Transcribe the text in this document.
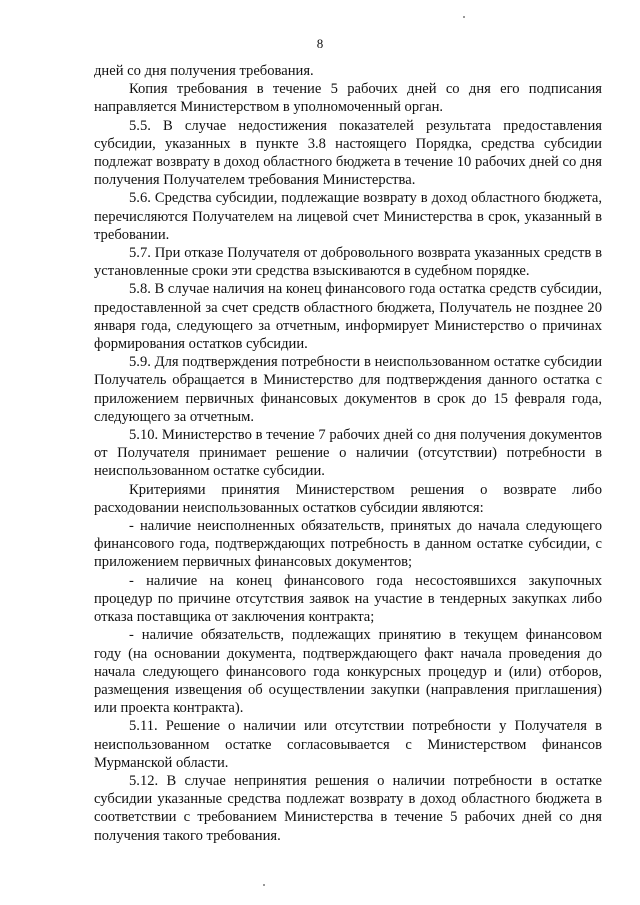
8

дней со дня получения требования.

Копия требования в течение 5 рабочих дней со дня его подписания направляется Министерством в уполномоченный орган.

5.5. В случае недостижения показателей результата предоставления субсидии, указанных в пункте 3.8 настоящего Порядка, средства субсидии подлежат возврату в доход областного бюджета в течение 10 рабочих дней со дня получения Получателем требования Министерства.

5.6. Средства субсидии, подлежащие возврату в доход областного бюджета, перечисляются Получателем на лицевой счет Министерства в срок, указанный в требовании.

5.7. При отказе Получателя от добровольного возврата указанных средств в установленные сроки эти средства взыскиваются в судебном порядке.

5.8. В случае наличия на конец финансового года остатка средств субсидии, предоставленной за счет средств областного бюджета, Получатель не позднее 20 января года, следующего за отчетным, информирует Министерство о причинах формирования остатков субсидии.

5.9. Для подтверждения потребности в неиспользованном остатке субсидии Получатель обращается в Министерство для подтверждения данного остатка с приложением первичных финансовых документов в срок до 15 февраля года, следующего за отчетным.

5.10. Министерство в течение 7 рабочих дней со дня получения документов от Получателя принимает решение о наличии (отсутствии) потребности в неиспользованном остатке субсидии.

Критериями принятия Министерством решения о возврате либо расходовании неиспользованных остатков субсидии являются:

- наличие неисполненных обязательств, принятых до начала следующего финансового года, подтверждающих потребность в данном остатке субсидии, с приложением первичных финансовых документов;

- наличие на конец финансового года несостоявшихся закупочных процедур по причине отсутствия заявок на участие в тендерных закупках либо отказа поставщика от заключения контракта;

- наличие обязательств, подлежащих принятию в текущем финансовом году (на основании документа, подтверждающего факт начала проведения до начала следующего финансового года конкурсных процедур и (или) отборов, размещения извещения об осуществлении закупки (направления приглашения) или проекта контракта).

5.11. Решение о наличии или отсутствии потребности у Получателя в неиспользованном остатке согласовывается с Министерством финансов Мурманской области.

5.12. В случае непринятия решения о наличии потребности в остатке субсидии указанные средства подлежат возврату в доход областного бюджета в соответствии с требованием Министерства в течение 5 рабочих дней со дня получения такого требования.
